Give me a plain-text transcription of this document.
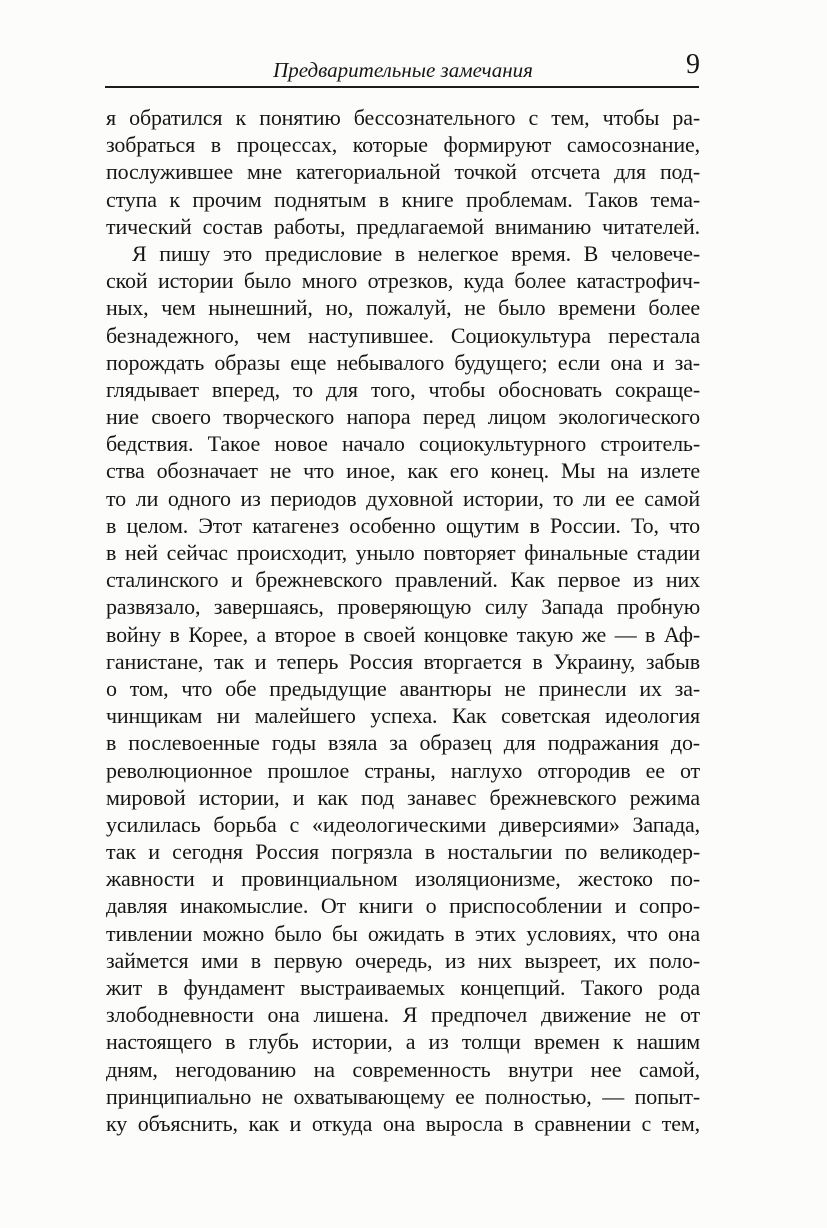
Предварительные замечания	9
я обратился к понятию бессознательного с тем, чтобы ра-
зобраться в процессах, которые формируют самосознание,
послужившее мне категориальной точкой отсчета для под-
ступа к прочим поднятым в книге проблемам. Таков тема-
тический состав работы, предлагаемой вниманию читателей.
Я пишу это предисловие в нелегкое время. В человече-
ской истории было много отрезков, куда более катастрофич-
ных, чем нынешний, но, пожалуй, не было времени более
безнадежного, чем наступившее. Социокультура перестала
порождать образы еще небывалого будущего; если она и за-
глядывает вперед, то для того, чтобы обосновать сокраще-
ние своего творческого напора перед лицом экологического
бедствия. Такое новое начало социокультурного строитель-
ства обозначает не что иное, как его конец. Мы на излете
то ли одного из периодов духовной истории, то ли ее самой
в целом. Этот катагенез особенно ощутим в России. То, что
в ней сейчас происходит, уныло повторяет финальные стадии
сталинского и брежневского правлений. Как первое из них
развязало, завершаясь, проверяющую силу Запада пробную
войну в Корее, а второе в своей концовке такую же — в Аф-
ганистане, так и теперь Россия вторгается в Украину, забыв
о том, что обе предыдущие авантюры не принесли их за-
чинщикам ни малейшего успеха. Как советская идеология
в послевоенные годы взяла за образец для подражания до-
революционное прошлое страны, наглухо отгородив ее от
мировой истории, и как под занавес брежневского режима
усилилась борьба с «идеологическими диверсиями» Запада,
так и сегодня Россия погрязла в ностальгии по великодер-
жавности и провинциальном изоляционизме, жестоко по-
давляя инакомыслие. От книги о приспособлении и сопро-
тивлении можно было бы ожидать в этих условиях, что она
займется ими в первую очередь, из них вызреет, их поло-
жит в фундамент выстраиваемых концепций. Такого рода
злободневности она лишена. Я предпочел движение не от
настоящего в глубь истории, а из толщи времен к нашим
дням, негодованию на современность внутри нее самой,
принципиально не охватывающему ее полностью, — попыт-
ку объяснить, как и откуда она выросла в сравнении с тем,
